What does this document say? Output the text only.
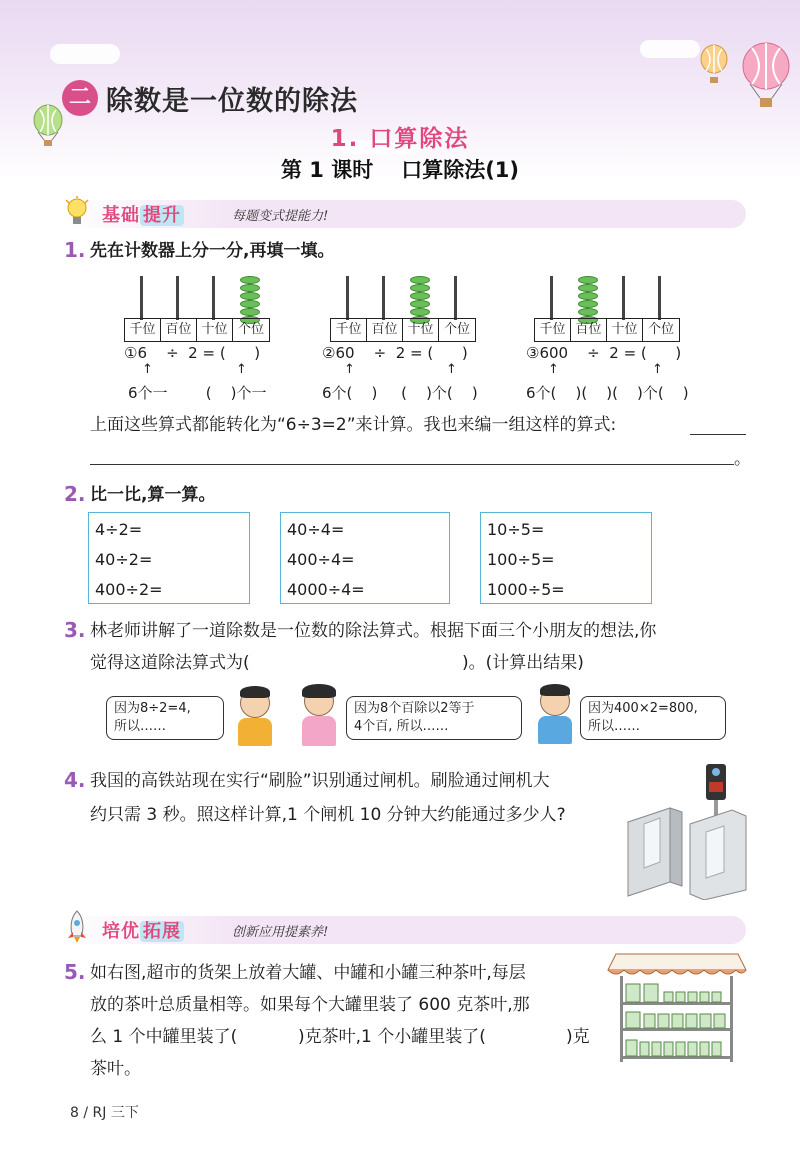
二 除数是一位数的除法
1. 口算除法
第 1 课时 口算除法(1)
基础 提升	每题变式提能力!
1. 先在计数器上分一分,再填一填。
千位 百位 十位 个位
①6    ÷  2 = (      )
↑	↑
6个一        (    )个一
千位 百位 十位 个位
②60    ÷  2 = (      )
↑	↑
6个(    )     (    )个(    )
千位 百位 十位 个位
③600    ÷  2 = (      )
↑	↑
6个(    )(    )(    )个(    )
上面这些算式都能转化为“6÷3=2”来计算。我也来编一组这样的算式:
。
2. 比一比,算一算。
4÷2=
40÷2=
400÷2=
40÷4=
400÷4=
4000÷4=
10÷5=
100÷5=
1000÷5=
3. 林老师讲解了一道除数是一位数的除法算式。根据下面三个小朋友的想法,你
觉得这道除法算式为(	)。(计算出结果)
因为8÷2=4,
所以……
因为8个百除以2等于
4个百, 所以……
因为400×2=800,
所以……
4. 我国的高铁站现在实行“刷脸”识别通过闸机。刷脸通过闸机大
约只需 3 秒。照这样计算,1 个闸机 10 分钟大约能通过多少人?
培优 拓展	创新应用提素养!
5. 如右图,超市的货架上放着大罐、中罐和小罐三种茶叶,每层
放的茶叶总质量相等。如果每个大罐里装了 600 克茶叶,那
么 1 个中罐里装了(	)克茶叶,1 个小罐里装了(	)克
茶叶。
8 / RJ 三下
